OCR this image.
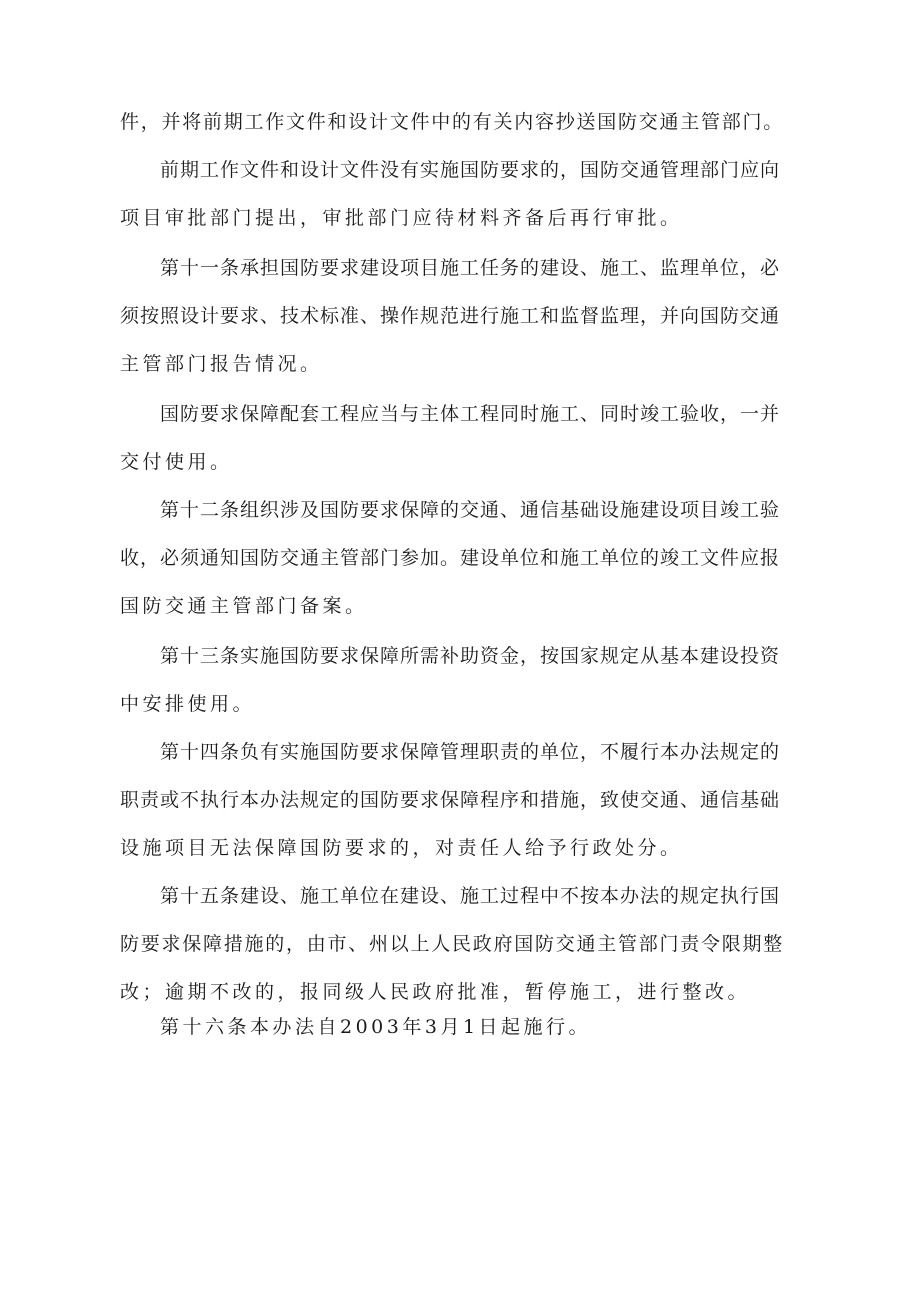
件，并将前期工作文件和设计文件中的有关内容抄送国防交通主管部门。
前期工作文件和设计文件没有实施国防要求的，国防交通管理部门应向
项目审批部门提出，审批部门应待材料齐备后再行审批。
第十一条承担国防要求建设项目施工任务的建设、施工、监理单位，必
须按照设计要求、技术标准、操作规范进行施工和监督监理，并向国防交通
主管部门报告情况。
国防要求保障配套工程应当与主体工程同时施工、同时竣工验收，一并
交付使用。
第十二条组织涉及国防要求保障的交通、通信基础设施建设项目竣工验
收，必须通知国防交通主管部门参加。建设单位和施工单位的竣工文件应报
国防交通主管部门备案。
第十三条实施国防要求保障所需补助资金，按国家规定从基本建设投资
中安排使用。
第十四条负有实施国防要求保障管理职责的单位，不履行本办法规定的
职责或不执行本办法规定的国防要求保障程序和措施，致使交通、通信基础
设施项目无法保障国防要求的，对责任人给予行政处分。
第十五条建设、施工单位在建设、施工过程中不按本办法的规定执行国
防要求保障措施的，由市、州以上人民政府国防交通主管部门责令限期整
改；逾期不改的，报同级人民政府批准，暂停施工，进行整改。
第十六条本办法自2003年3月1日起施行。
